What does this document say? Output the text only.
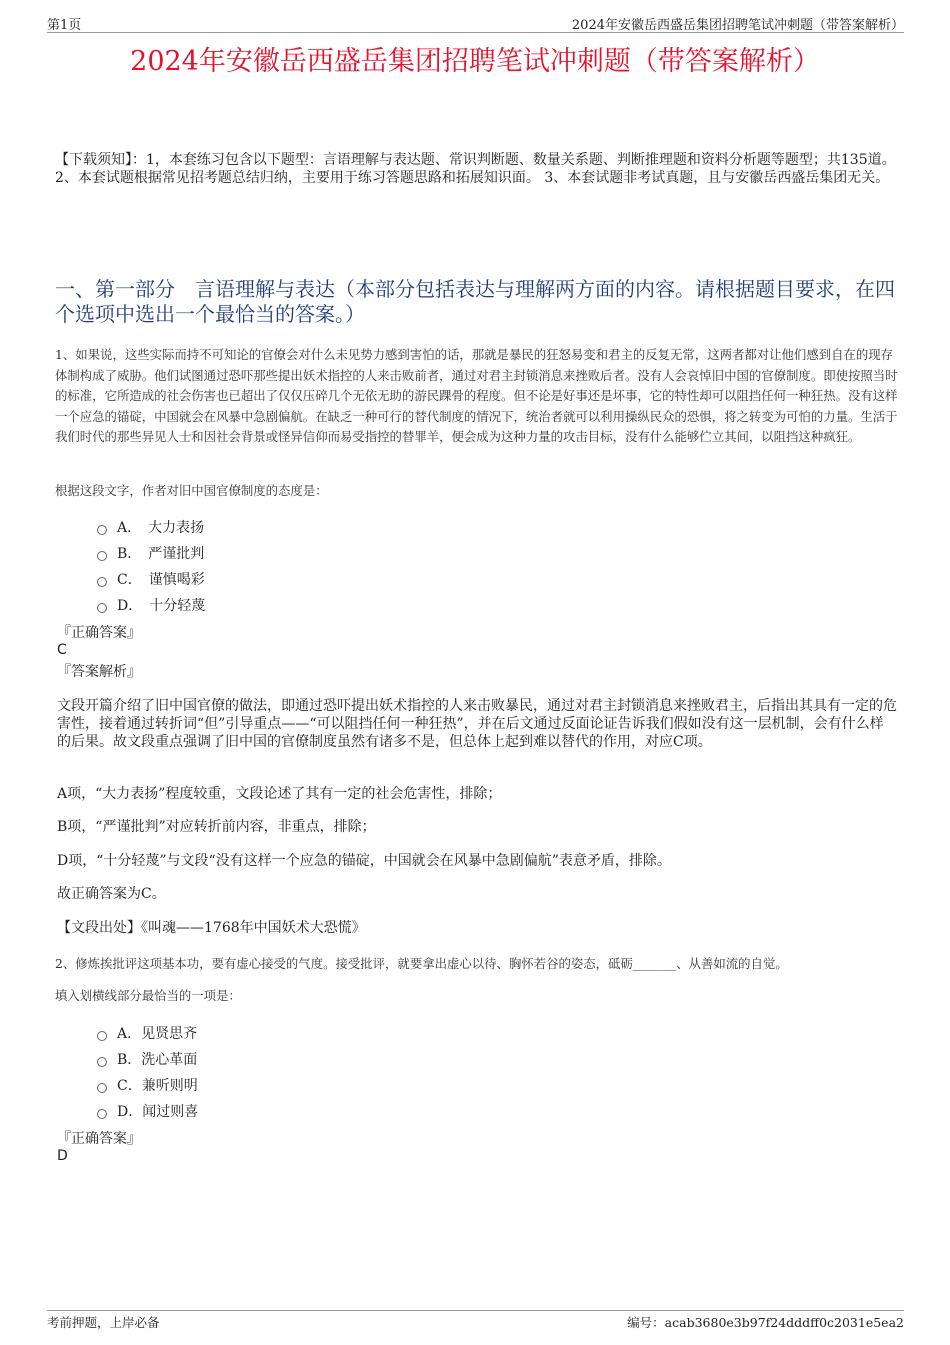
第1页	2024年安徽岳西盛岳集团招聘笔试冲刺题（带答案解析）
2024年安徽岳西盛岳集团招聘笔试冲刺题（带答案解析）
【下载须知】：1，本套练习包含以下题型：言语理解与表达题、常识判断题、数量关系题、判断推理题和资料分析题等题型；共135道。 2、本套试题根据常见招考题总结归纳，主要用于练习答题思路和拓展知识面。 3、本套试题非考试真题，且与安徽岳西盛岳集团无关。
一、第一部分　言语理解与表达（本部分包括表达与理解两方面的内容。请根据题目要求，在四个选项中选出一个最恰当的答案。）
1、如果说，这些实际而持不可知论的官僚会对什么未见势力感到害怕的话，那就是暴民的狂怒易变和君主的反复无常，这两者都对让他们感到自在的现存体制构成了威胁。他们试图通过恐吓那些提出妖术指控的人来击败前者，通过对君主封锁消息来挫败后者。没有人会哀悼旧中国的官僚制度。即使按照当时的标准，它所造成的社会伤害也已超出了仅仅压碎几个无依无助的游民踝骨的程度。但不论是好事还是坏事，它的特性却可以阻挡任何一种狂热。没有这样一个应急的锚碇，中国就会在风暴中急剧偏航。在缺乏一种可行的替代制度的情况下，统治者就可以利用操纵民众的恐惧，将之转变为可怕的力量。生活于我们时代的那些异见人士和因社会背景或怪异信仰而易受指控的替罪羊，便会成为这种力量的攻击目标，没有什么能够伫立其间，以阻挡这种疯狂。
根据这段文字，作者对旧中国官僚制度的态度是：
A．　大力表扬
B．　严谨批判
C．　谨慎喝彩
D．　十分轻蔑
『正确答案』
C
『答案解析』
文段开篇介绍了旧中国官僚的做法，即通过恐吓提出妖术指控的人来击败暴民，通过对君主封锁消息来挫败君主，后指出其具有一定的危害性，接着通过转折词“但”引导重点——“可以阻挡任何一种狂热”，并在后文通过反面论证告诉我们假如没有这一层机制，会有什么样的后果。故文段重点强调了旧中国的官僚制度虽然有诸多不是，但总体上起到难以替代的作用，对应C项。
A项，“大力表扬”程度较重，文段论述了其有一定的社会危害性，排除；
B项，“严谨批判”对应转折前内容，非重点，排除；
D项，“十分轻蔑”与文段“没有这样一个应急的锚碇，中国就会在风暴中急剧偏航”表意矛盾，排除。
故正确答案为C。
【文段出处】《叫魂——1768年中国妖术大恐慌》
2、修炼挨批评这项基本功，要有虚心接受的气度。接受批评，就要拿出虚心以待、胸怀若谷的姿态，砥砺_______、从善如流的自觉。
填入划横线部分最恰当的一项是：
A．见贤思齐
B．洗心革面
C．兼听则明
D．闻过则喜
『正确答案』
D
考前押题，上岸必备	编号：acab3680e3b97f24dddff0c2031e5ea2
